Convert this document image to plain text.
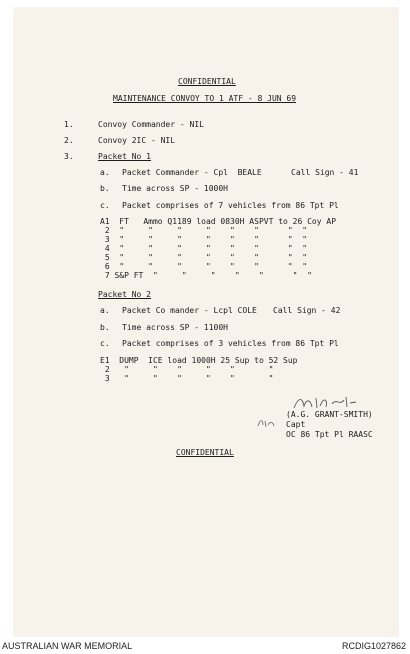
CONFIDENTIAL
MAINTENANCE CONVOY TO 1 ATF - 8 JUN 69
1.	Convoy Commander - NIL
2.	Convoy 2IC - NIL
3.	Packet No 1
a. Packet Commander - Cpl  BEALE	Call Sign - 41
b. Time across SP - 1000H
c. Packet comprises of 7 vehicles from 86 Tpt Pl
A1  FT   Ammo Q1189 load 0830H ASPVT to 26 Coy AP
2  "     "     "     "    "    "      "  "
3  "     "     "     "    "    "      "  "
4  "     "     "     "    "    "      "  "
5  "     "     "     "    "    "      "  "
6  "     "     "     "    "    "      "  "
7 S&P FT  "     "     "    "    "      "  "
Packet No 2
a. Packet Co mander - Lcpl COLE Call Sign - 42
b. Time across SP - 1100H
c. Packet comprises of 3 vehicles from 86 Tpt Pl
E1  DUMP  ICE load 1000H 25 Sup to 52 Sup
2   "     "    "     "    "       "
3   "     "    "     "    "       "
(A.G. GRANT-SMITH)
Capt
OC 86 Tpt Pl RAASC
CONFIDENTIAL
AUSTRALIAN WAR MEMORIAL	RCDIG1027862
